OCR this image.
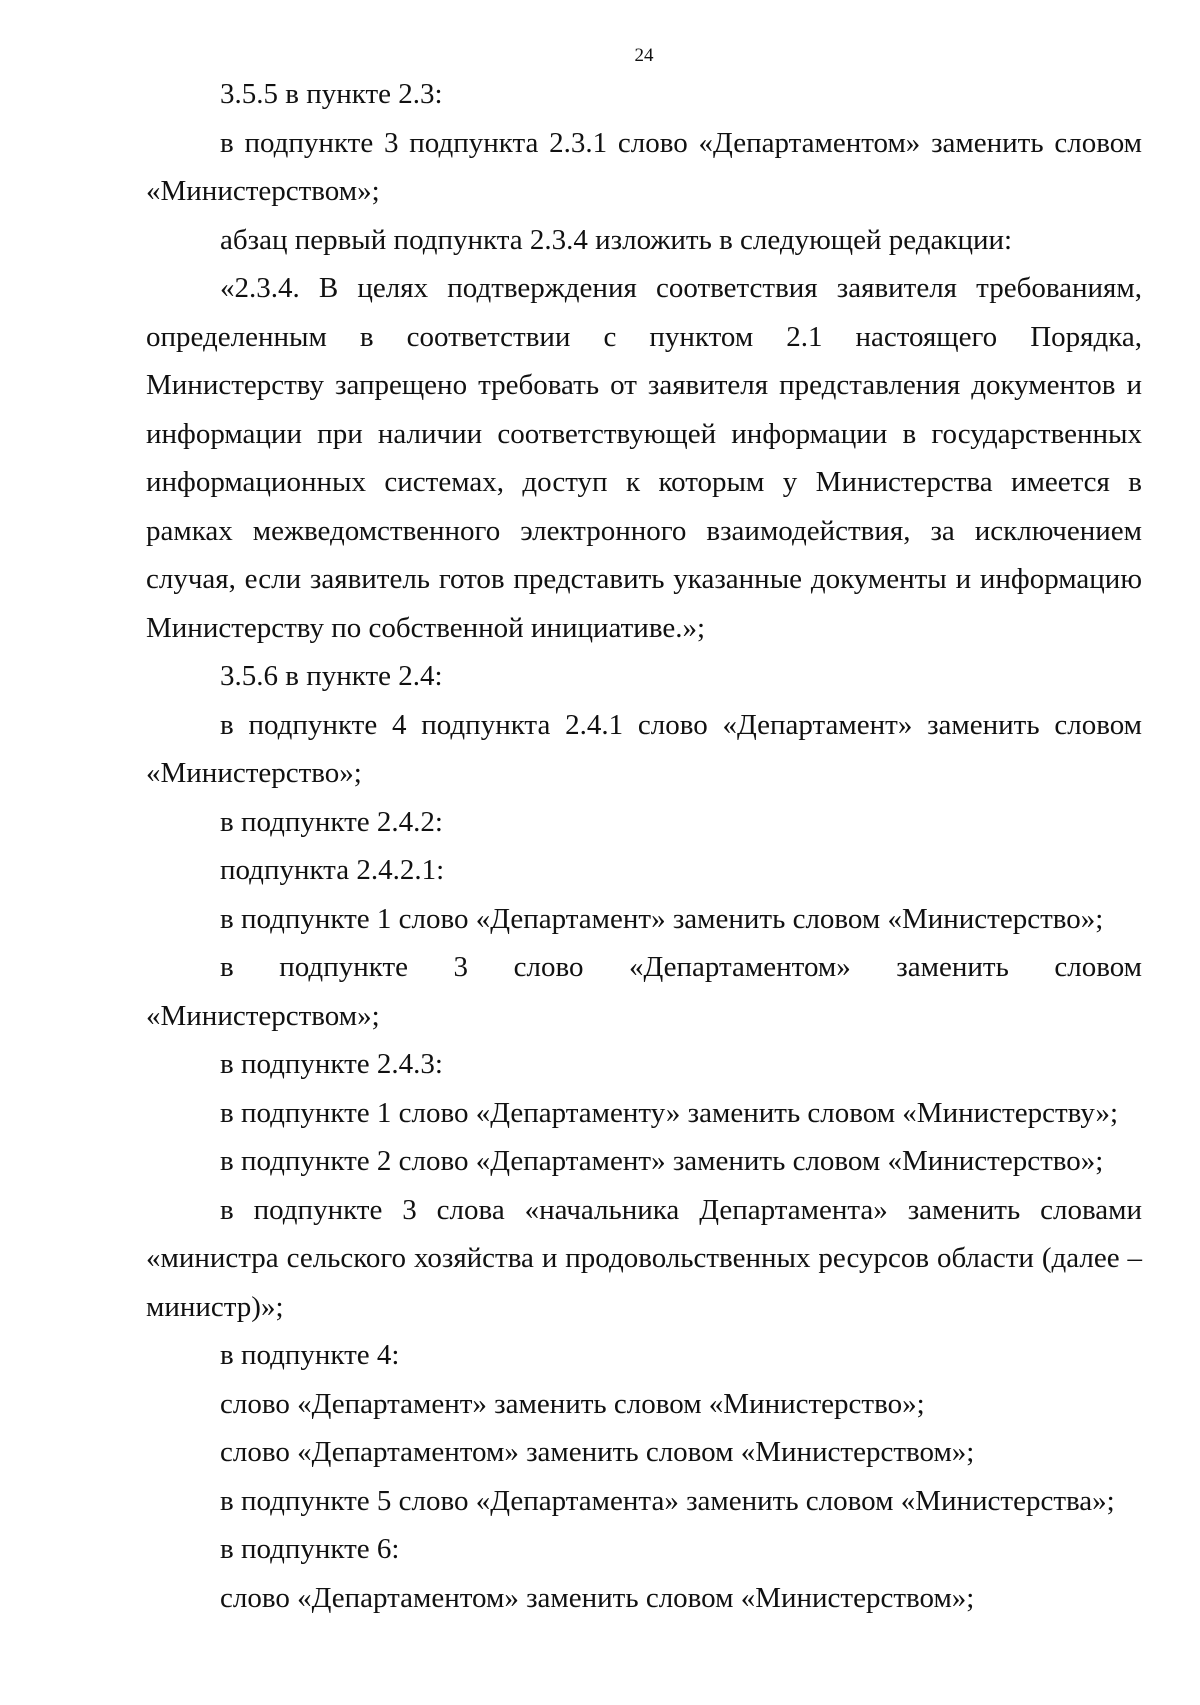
24

3.5.5 в пункте 2.3:

в подпункте 3 подпункта 2.3.1 слово «Департаментом» заменить словом «Министерством»;

абзац первый подпункта 2.3.4 изложить в следующей редакции:

«2.3.4. В целях подтверждения соответствия заявителя требованиям, определенным в соответствии с пунктом 2.1 настоящего Порядка, Министерству запрещено требовать от заявителя представления документов и информации при наличии соответствующей информации в государственных информационных системах, доступ к которым у Министерства имеется в рамках межведомственного электронного взаимодействия, за исключением случая, если заявитель готов представить указанные документы и информацию Министерству по собственной инициативе.»;

3.5.6 в пункте 2.4:

в подпункте 4 подпункта 2.4.1 слово «Департамент» заменить словом «Министерство»;

в подпункте 2.4.2:

подпункта 2.4.2.1:

в подпункте 1 слово «Департамент» заменить словом «Министерство»;

в подпункте 3 слово «Департаментом» заменить словом «Министерством»;

в подпункте 2.4.3:

в подпункте 1 слово «Департаменту» заменить словом «Министерству»;

в подпункте 2 слово «Департамент» заменить словом «Министерство»;

в подпункте 3 слова «начальника Департамента» заменить словами «министра сельского хозяйства и продовольственных ресурсов области (далее – министр)»;

в подпункте 4:

слово «Департамент» заменить словом «Министерство»;

слово «Департаментом» заменить словом «Министерством»;

в подпункте 5 слово «Департамента» заменить словом «Министерства»;

в подпункте 6:

слово «Департаментом» заменить словом «Министерством»;
